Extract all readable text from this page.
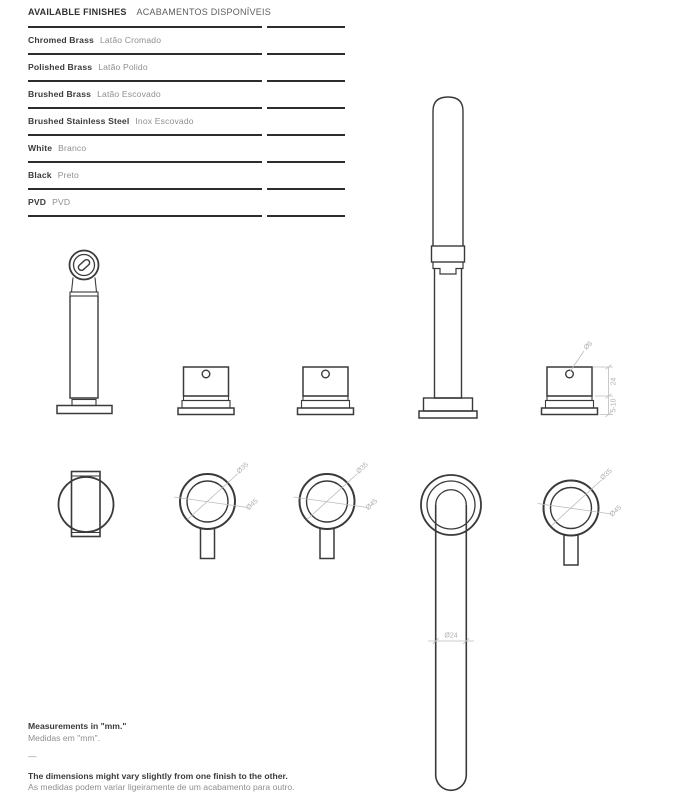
AVAILABLE FINISHES ACABAMENTOS DISPONÍVEIS
Chromed Brass Latão Cromado
Polished Brass Latão Polido
Brushed Brass Latão Escovado
Brushed Stainless Steel Inox Escovado
White Branco
Black Preto
PVD PVD
Ø6
24
5-10
Ø35
Ø45
Ø35
Ø45
Ø24
Ø35
Ø45
Measurements in "mm."
Medidas em "mm".
—
The dimensions might vary slightly from one finish to the other.
As medidas podem variar ligeiramente de um acabamento para outro.
